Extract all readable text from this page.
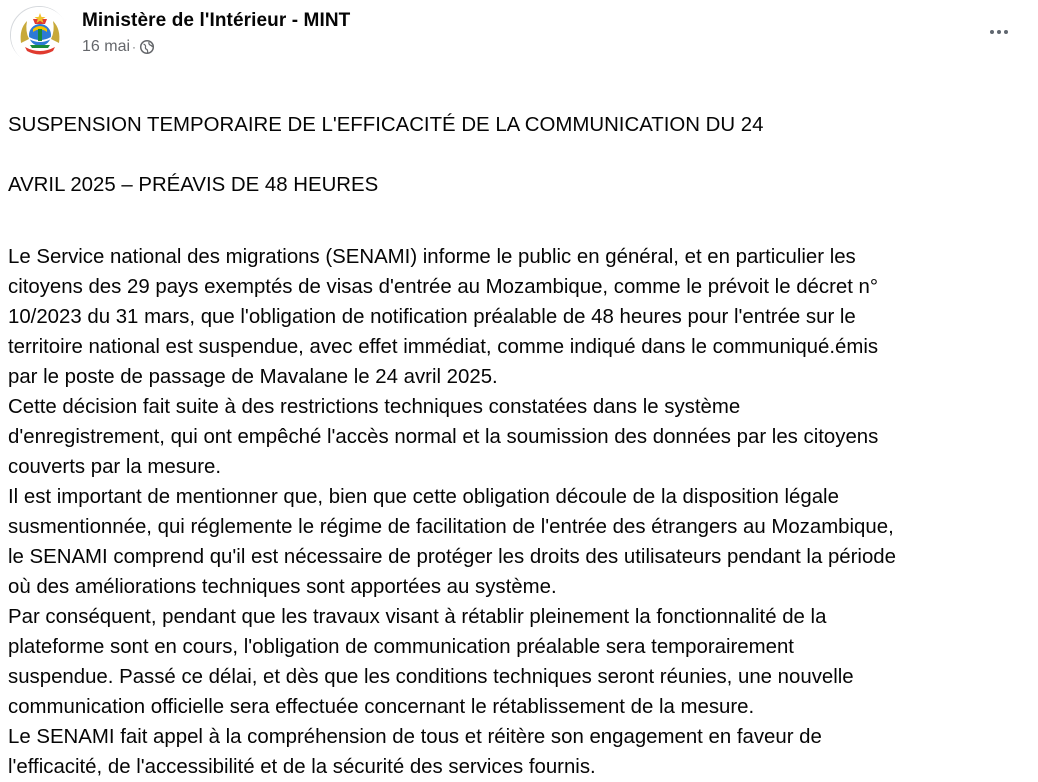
Ministère de l'Intérieur - MINT
16 mai ·

SUSPENSION TEMPORAIRE DE L'EFFICACITÉ DE LA COMMUNICATION DU 24

AVRIL 2025 – PRÉAVIS DE 48 HEURES

Le Service national des migrations (SENAMI) informe le public en général, et en particulier les
citoyens des 29 pays exemptés de visas d'entrée au Mozambique, comme le prévoit le décret n°
10/2023 du 31 mars, que l'obligation de notification préalable de 48 heures pour l'entrée sur le
territoire national est suspendue, avec effet immédiat, comme indiqué dans le communiqué.émis
par le poste de passage de Mavalane le 24 avril 2025.
Cette décision fait suite à des restrictions techniques constatées dans le système
d'enregistrement, qui ont empêché l'accès normal et la soumission des données par les citoyens
couverts par la mesure.
Il est important de mentionner que, bien que cette obligation découle de la disposition légale
susmentionnée, qui réglemente le régime de facilitation de l'entrée des étrangers au Mozambique,
le SENAMI comprend qu'il est nécessaire de protéger les droits des utilisateurs pendant la période
où des améliorations techniques sont apportées au système.
Par conséquent, pendant que les travaux visant à rétablir pleinement la fonctionnalité de la
plateforme sont en cours, l'obligation de communication préalable sera temporairement
suspendue. Passé ce délai, et dès que les conditions techniques seront réunies, une nouvelle
communication officielle sera effectuée concernant le rétablissement de la mesure.
Le SENAMI fait appel à la compréhension de tous et réitère son engagement en faveur de
l'efficacité, de l'accessibilité et de la sécurité des services fournis.
